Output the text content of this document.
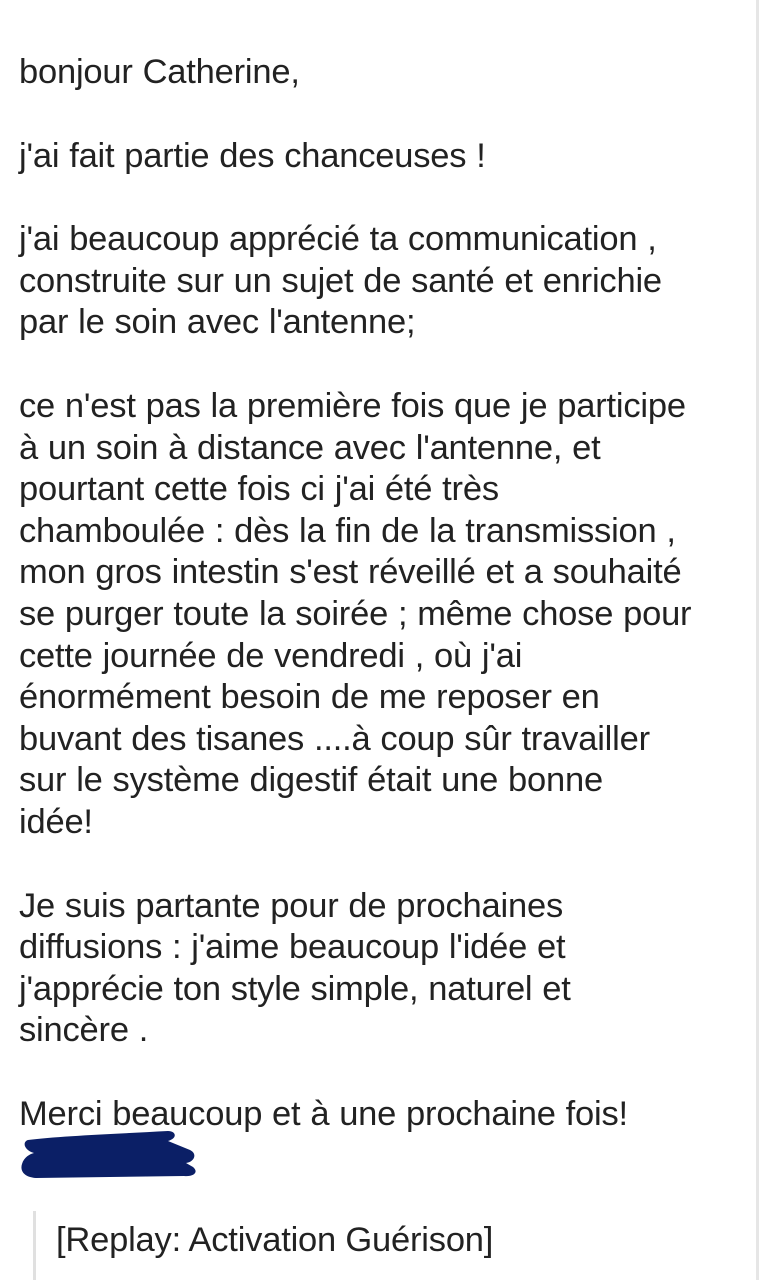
bonjour Catherine,
j'ai fait partie des chanceuses !
j'ai beaucoup apprécié ta communication ,
construite sur un sujet de santé et enrichie
par le soin avec l'antenne;
ce n'est pas la première fois que je participe
à un soin à distance avec l'antenne, et
pourtant cette fois ci j'ai été très
chamboulée : dès la fin de la transmission ,
mon gros intestin s'est réveillé et a souhaité
se purger toute la soirée ; même chose pour
cette journée de vendredi , où j'ai
énormément besoin de me reposer en
buvant des tisanes ....à coup sûr travailler
sur le système digestif était une bonne
idée!
Je suis partante pour de prochaines
diffusions : j'aime beaucoup l'idée et
j'apprécie ton style simple, naturel et
sincère .
Merci beaucoup et à une prochaine fois!
[Replay: Activation Guérison]
